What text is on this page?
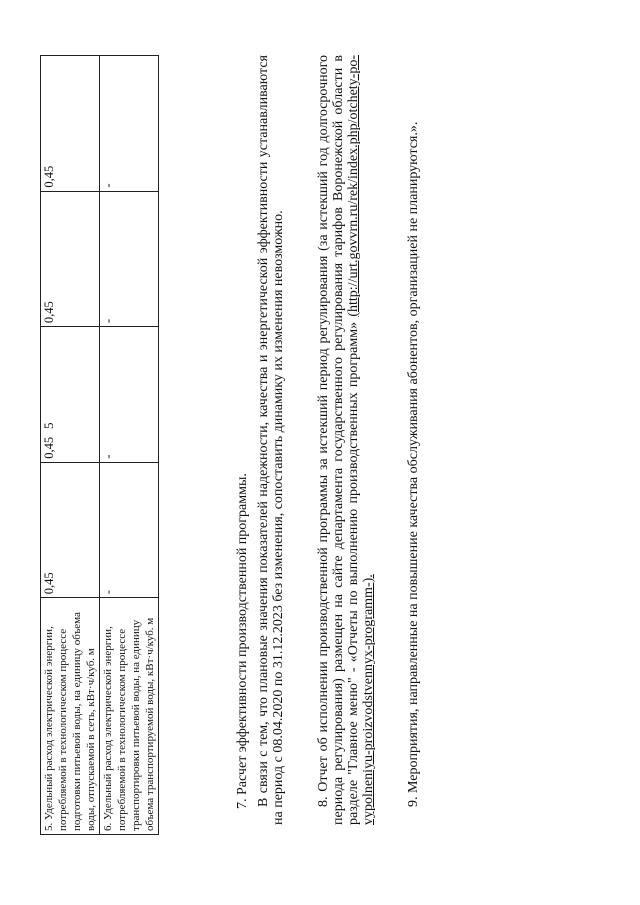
5
5. Удельный расход электрической энергии, потребляемой в технологическом процессе подготовки питьевой воды, на единицу объема воды, отпускаемой в сеть, кВт·ч/куб. м	0,45	0,45	0,45	0,45
6. Удельный расход электрической энергии, потребляемой в технологическом процессе транспортировки питьевой воды, на единицу объема транспортируемой воды, кВт·ч/куб. м	-	-	-	-
7. Расчет эффективности производственной программы. В связи с тем, что плановые значения показателей надежности, качества и энергетической эффективности устанавливаются на период с 08.04.2020 по 31.12.2023 без изменения, сопоставить динамику их изменения невозможно. 8. Отчет об исполнении производственной программы за истекший период регулирования (за истекший год долгосрочного периода регулирования) размещен на сайте департамента государственного регулирования тарифов Воронежской области в разделе "Главное меню" - «Отчеты по выполнению производственных программ» (http://urt.govvrn.ru/rek/index.php/otchety-po-vypolneniyu-proizvodstvennyx-programm-). 9. Мероприятия, направленные на повышение качества обслуживания абонентов, организацией не планируются.».
